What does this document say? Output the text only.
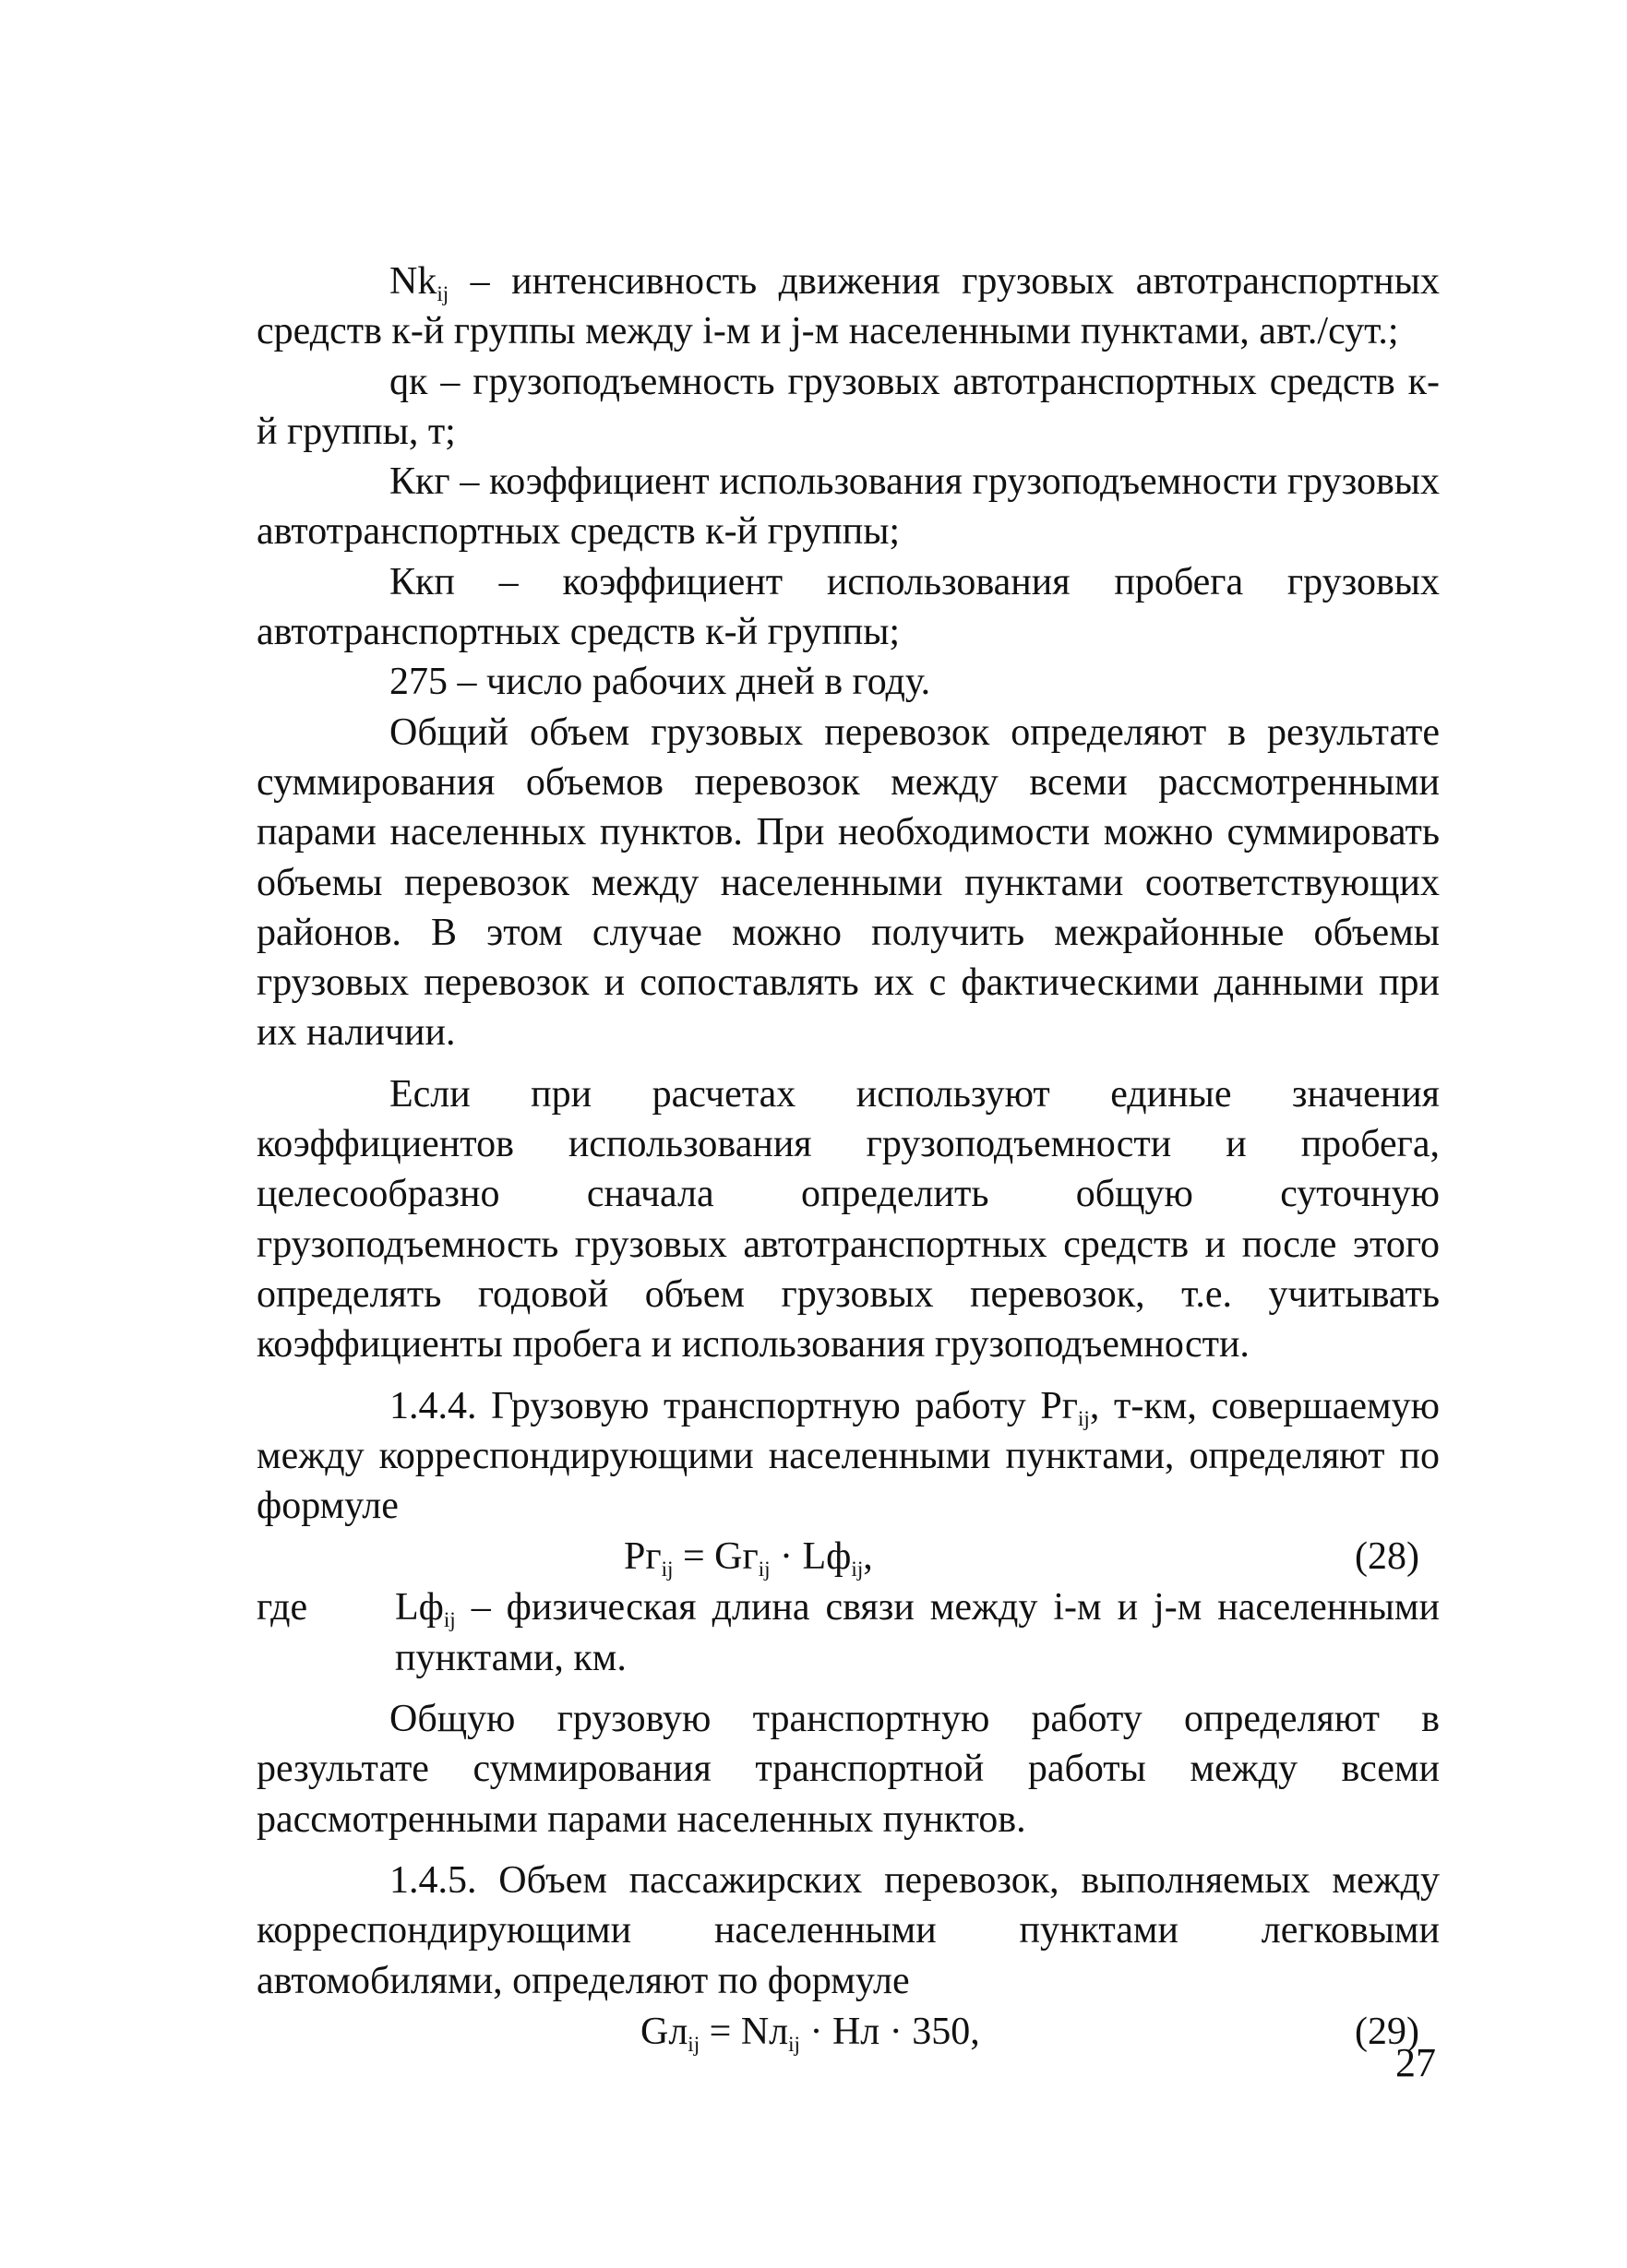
$Nk_{ij}$ – интенсивность движения грузовых автотранспортных средств к-й группы между i-м и j-м населенными пунктами, авт./сут.;

qк – грузоподъемность грузовых автотранспортных средств к-й группы, т;

Ккг – коэффициент использования грузоподъемности грузовых автотранспортных средств к-й группы;

Ккп – коэффициент использования пробега грузовых автотранспортных средств к-й группы;

275 – число рабочих дней в году.

Общий объем грузовых перевозок определяют в результате суммирования объемов перевозок между всеми рассмотренными парами населенных пунктов. При необходимости можно суммировать объемы перевозок между населенными пунктами соответствующих районов. В этом случае можно получить межрайонные объемы грузовых перевозок и сопоставлять их с фактическими данными при их наличии.

Если при расчетах используют единые значения коэффициентов использования грузоподъемности и пробега, целесообразно сначала определить общую суточную грузоподъемность грузовых автотранспортных средств и после этого определять годовой объем грузовых перевозок, т.е. учитывать коэффициенты пробега и использования грузоподъемности.

1.4.4. Грузовую транспортную работу $Рг_{ij}$, т-км, совершаемую между корреспондирующими населенными пунктами, определяют по формуле

$Рг_{ij} = Gг_{ij} \cdot Lф_{ij}$,	(28)
где	$Lф_{ij}$ – физическая длина связи между i-м и j-м населенными пунктами, км.

Общую грузовую транспортную работу определяют в результате суммирования транспортной работы между всеми рассмотренными парами населенных пунктов.

1.4.5. Объем пассажирских перевозок, выполняемых между корреспондирующими населенными пунктами легковыми автомобилями, определяют по формуле

$Gл_{ij} = Nл_{ij}$ · Нл · 350,	(29)
27
